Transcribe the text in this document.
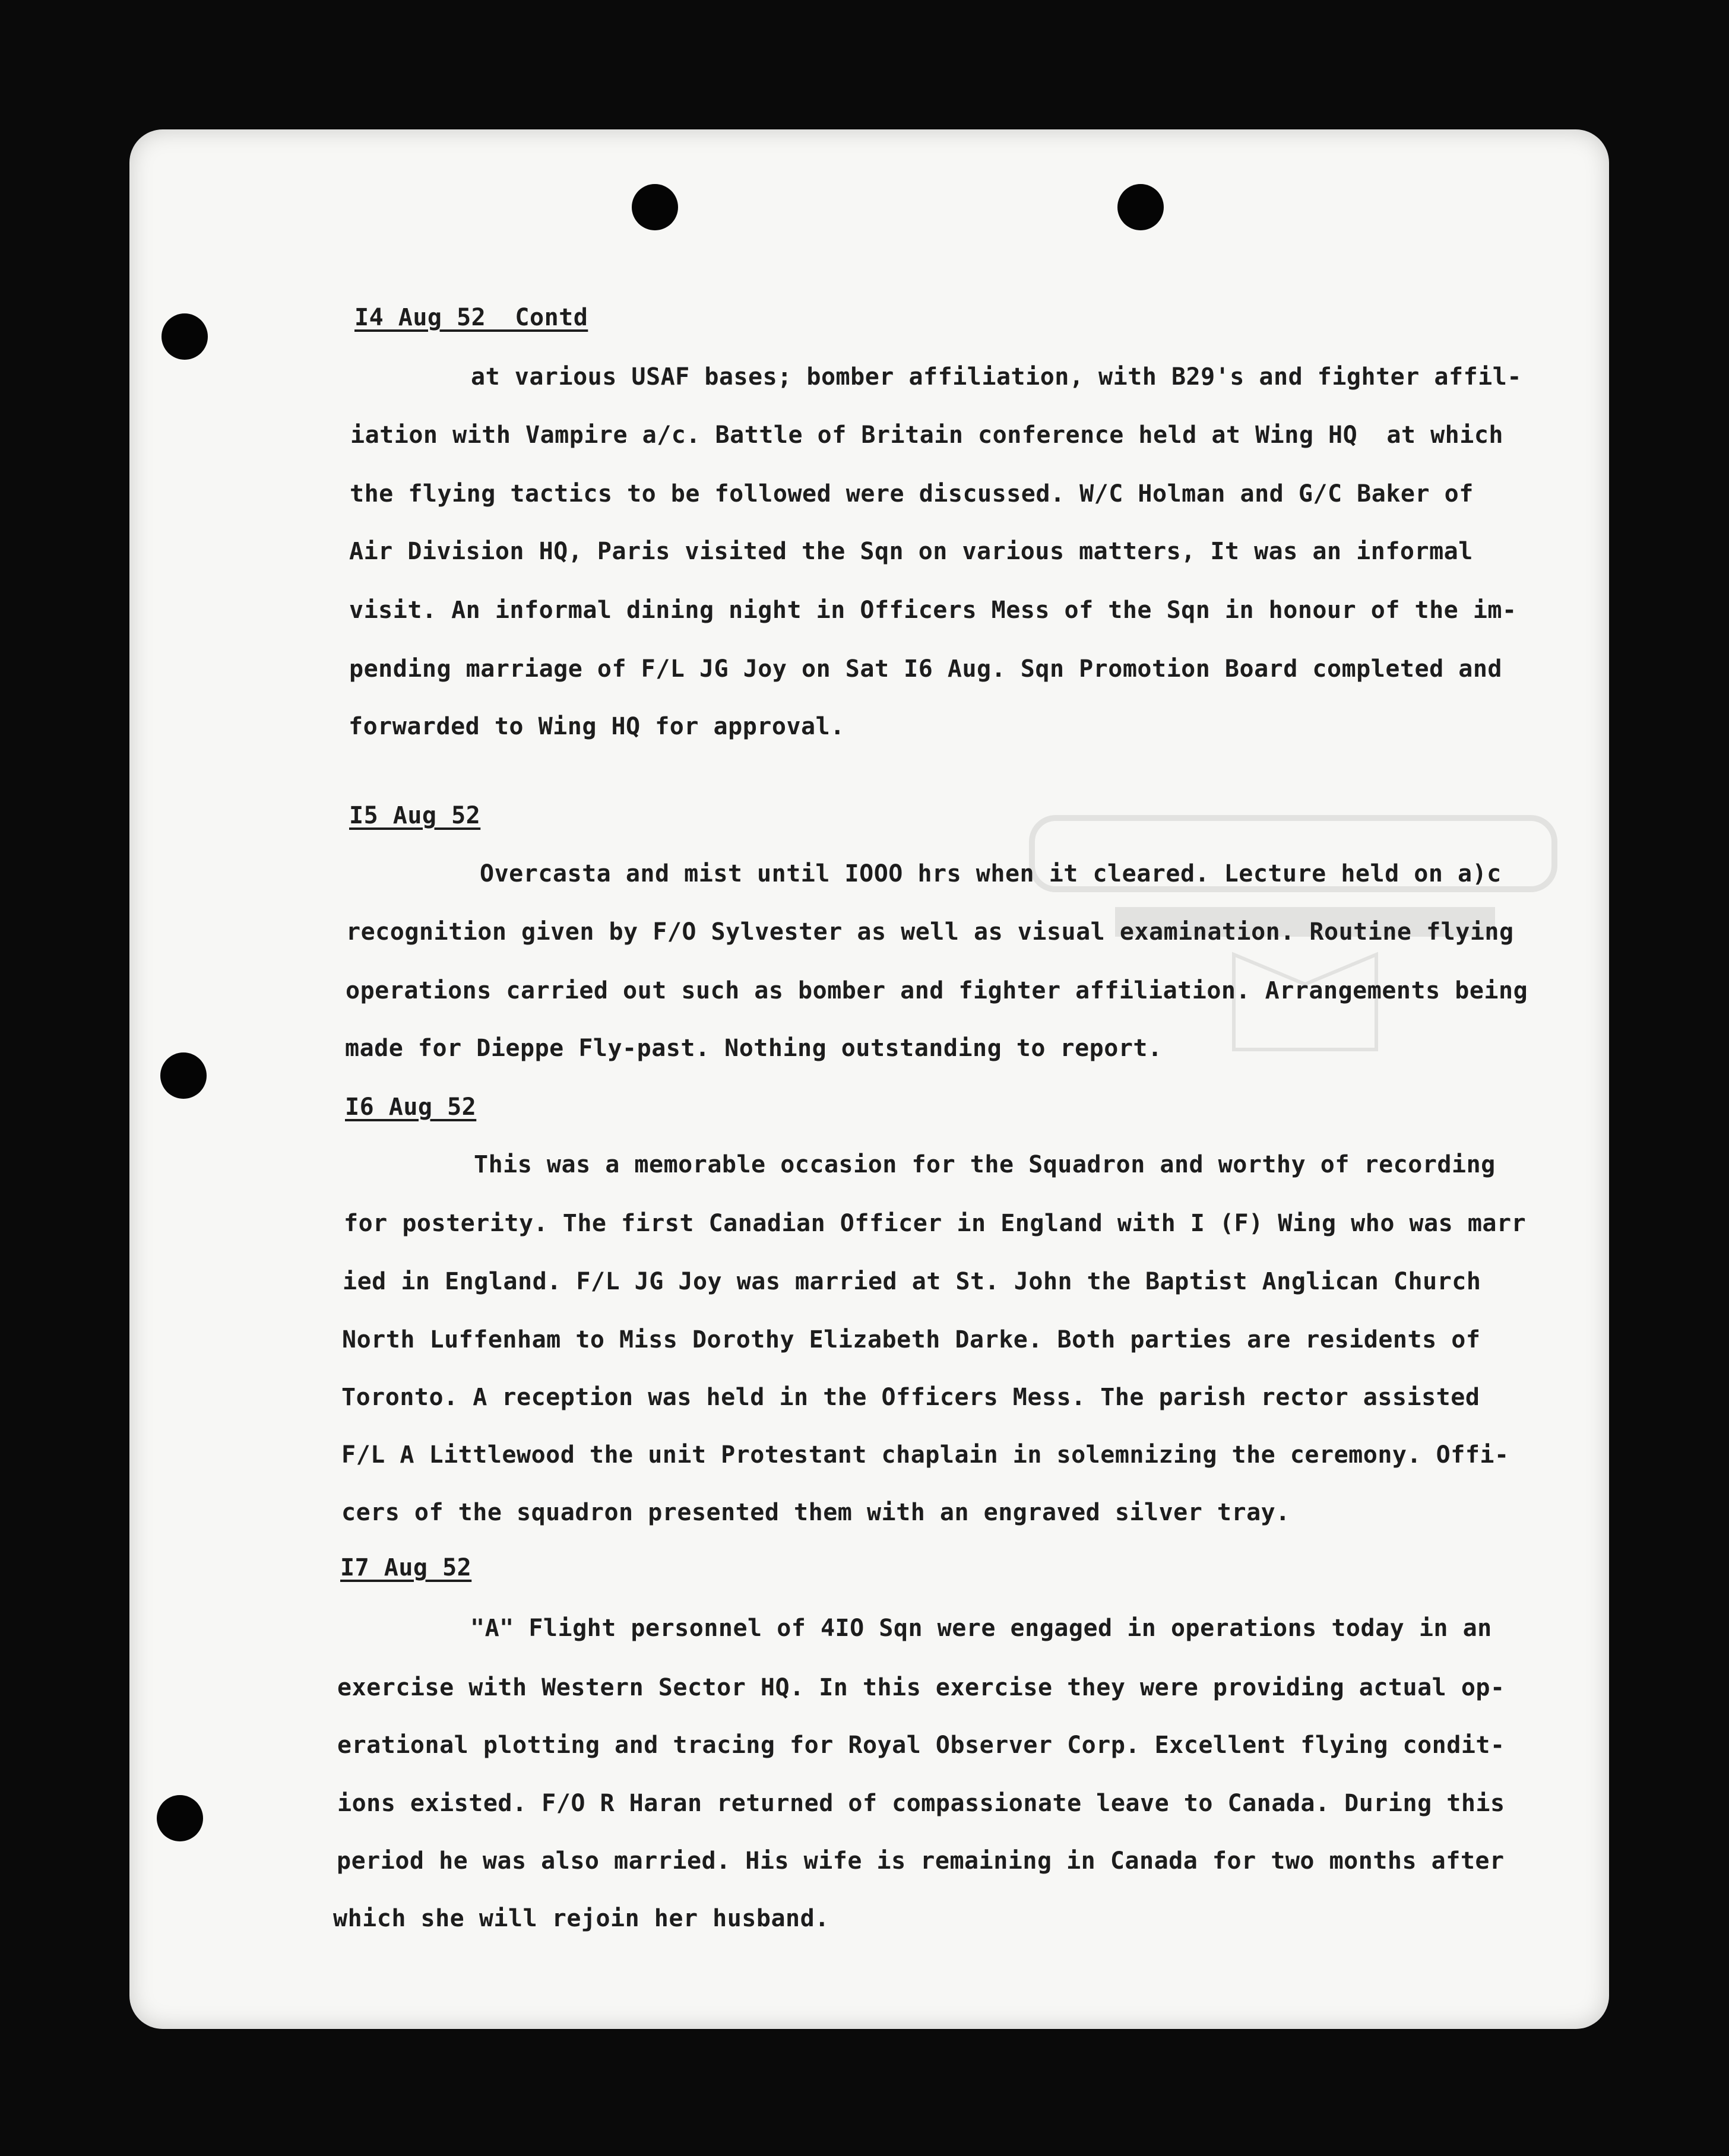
I4 Aug 52  Contd
at various USAF bases; bomber affiliation, with B29's and fighter affil-
iation with Vampire a/c. Battle of Britain conference held at Wing HQ  at which
the flying tactics to be followed were discussed. W/C Holman and G/C Baker of
Air Division HQ, Paris visited the Sqn on various matters, It was an informal
visit. An informal dining night in Officers Mess of the Sqn in honour of the im-
pending marriage of F/L JG Joy on Sat I6 Aug. Sqn Promotion Board completed and
forwarded to Wing HQ for approval.
I5 Aug 52
Overcasta and mist until IOOO hrs when it cleared. Lecture held on a)c
recognition given by F/O Sylvester as well as visual examination. Routine flying
operations carried out such as bomber and fighter affiliation. Arrangements being
made for Dieppe Fly-past. Nothing outstanding to report.
I6 Aug 52
This was a memorable occasion for the Squadron and worthy of recording
for posterity. The first Canadian Officer in England with I (F) Wing who was marr
ied in England. F/L JG Joy was married at St. John the Baptist Anglican Church
North Luffenham to Miss Dorothy Elizabeth Darke. Both parties are residents of
Toronto. A reception was held in the Officers Mess. The parish rector assisted
F/L A Littlewood the unit Protestant chaplain in solemnizing the ceremony. Offi-
cers of the squadron presented them with an engraved silver tray.
I7 Aug 52
"A" Flight personnel of 4IO Sqn were engaged in operations today in an
exercise with Western Sector HQ. In this exercise they were providing actual op-
erational plotting and tracing for Royal Observer Corp. Excellent flying condit-
ions existed. F/O R Haran returned of compassionate leave to Canada. During this
period he was also married. His wife is remaining in Canada for two months after
which she will rejoin her husband.
